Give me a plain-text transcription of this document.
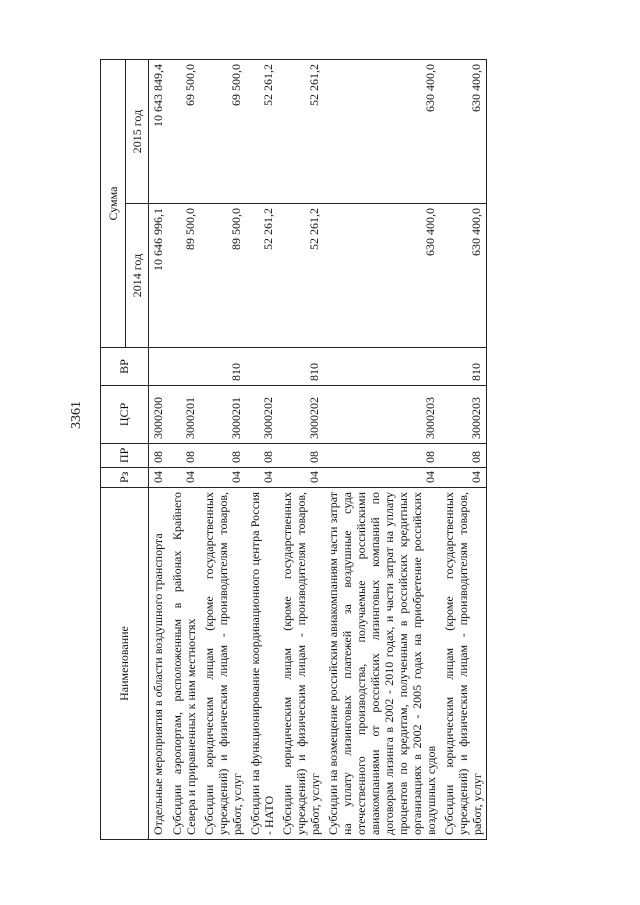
3361
Наименование	Рз	ПР	ЦСР	ВР	Сумма	
					2014 год	2015 год
Отдельные мероприятия в области воздушного транспорта	04	08	3000200		10 646 996,1	10 643 849,4
Субсидии аэропортам, расположенным в районах Крайнего Севера и приравненных к ним местностях	04	08	3000201		89 500,0	69 500,0
Субсидии юридическим лицам (кроме государственных учреждений) и физическим лицам - производителям товаров, работ, услуг	04	08	3000201	810	89 500,0	69 500,0
Субсидии на функционирование координационного центра Россия - НАТО	04	08	3000202		52 261,2	52 261,2
Субсидии юридическим лицам (кроме государственных учреждений) и физическим лицам - производителям товаров, работ, услуг	04	08	3000202	810	52 261,2	52 261,2
Субсидии на возмещение российским авиакомпаниям части затрат на уплату лизинговых платежей за воздушные суда отечественного производства, получаемые российскими авиакомпаниями от российских лизинговых компаний по договорам лизинга в 2002 - 2010 годах, и части затрат на уплату процентов по кредитам, полученным в российских кредитных организациях в 2002 - 2005 годах на приобретение российских воздушных судов	04	08	3000203		630 400,0	630 400,0
Субсидии юридическим лицам (кроме государственных учреждений) и физическим лицам - производителям товаров, работ, услуг	04	08	3000203	810	630 400,0	630 400,0
